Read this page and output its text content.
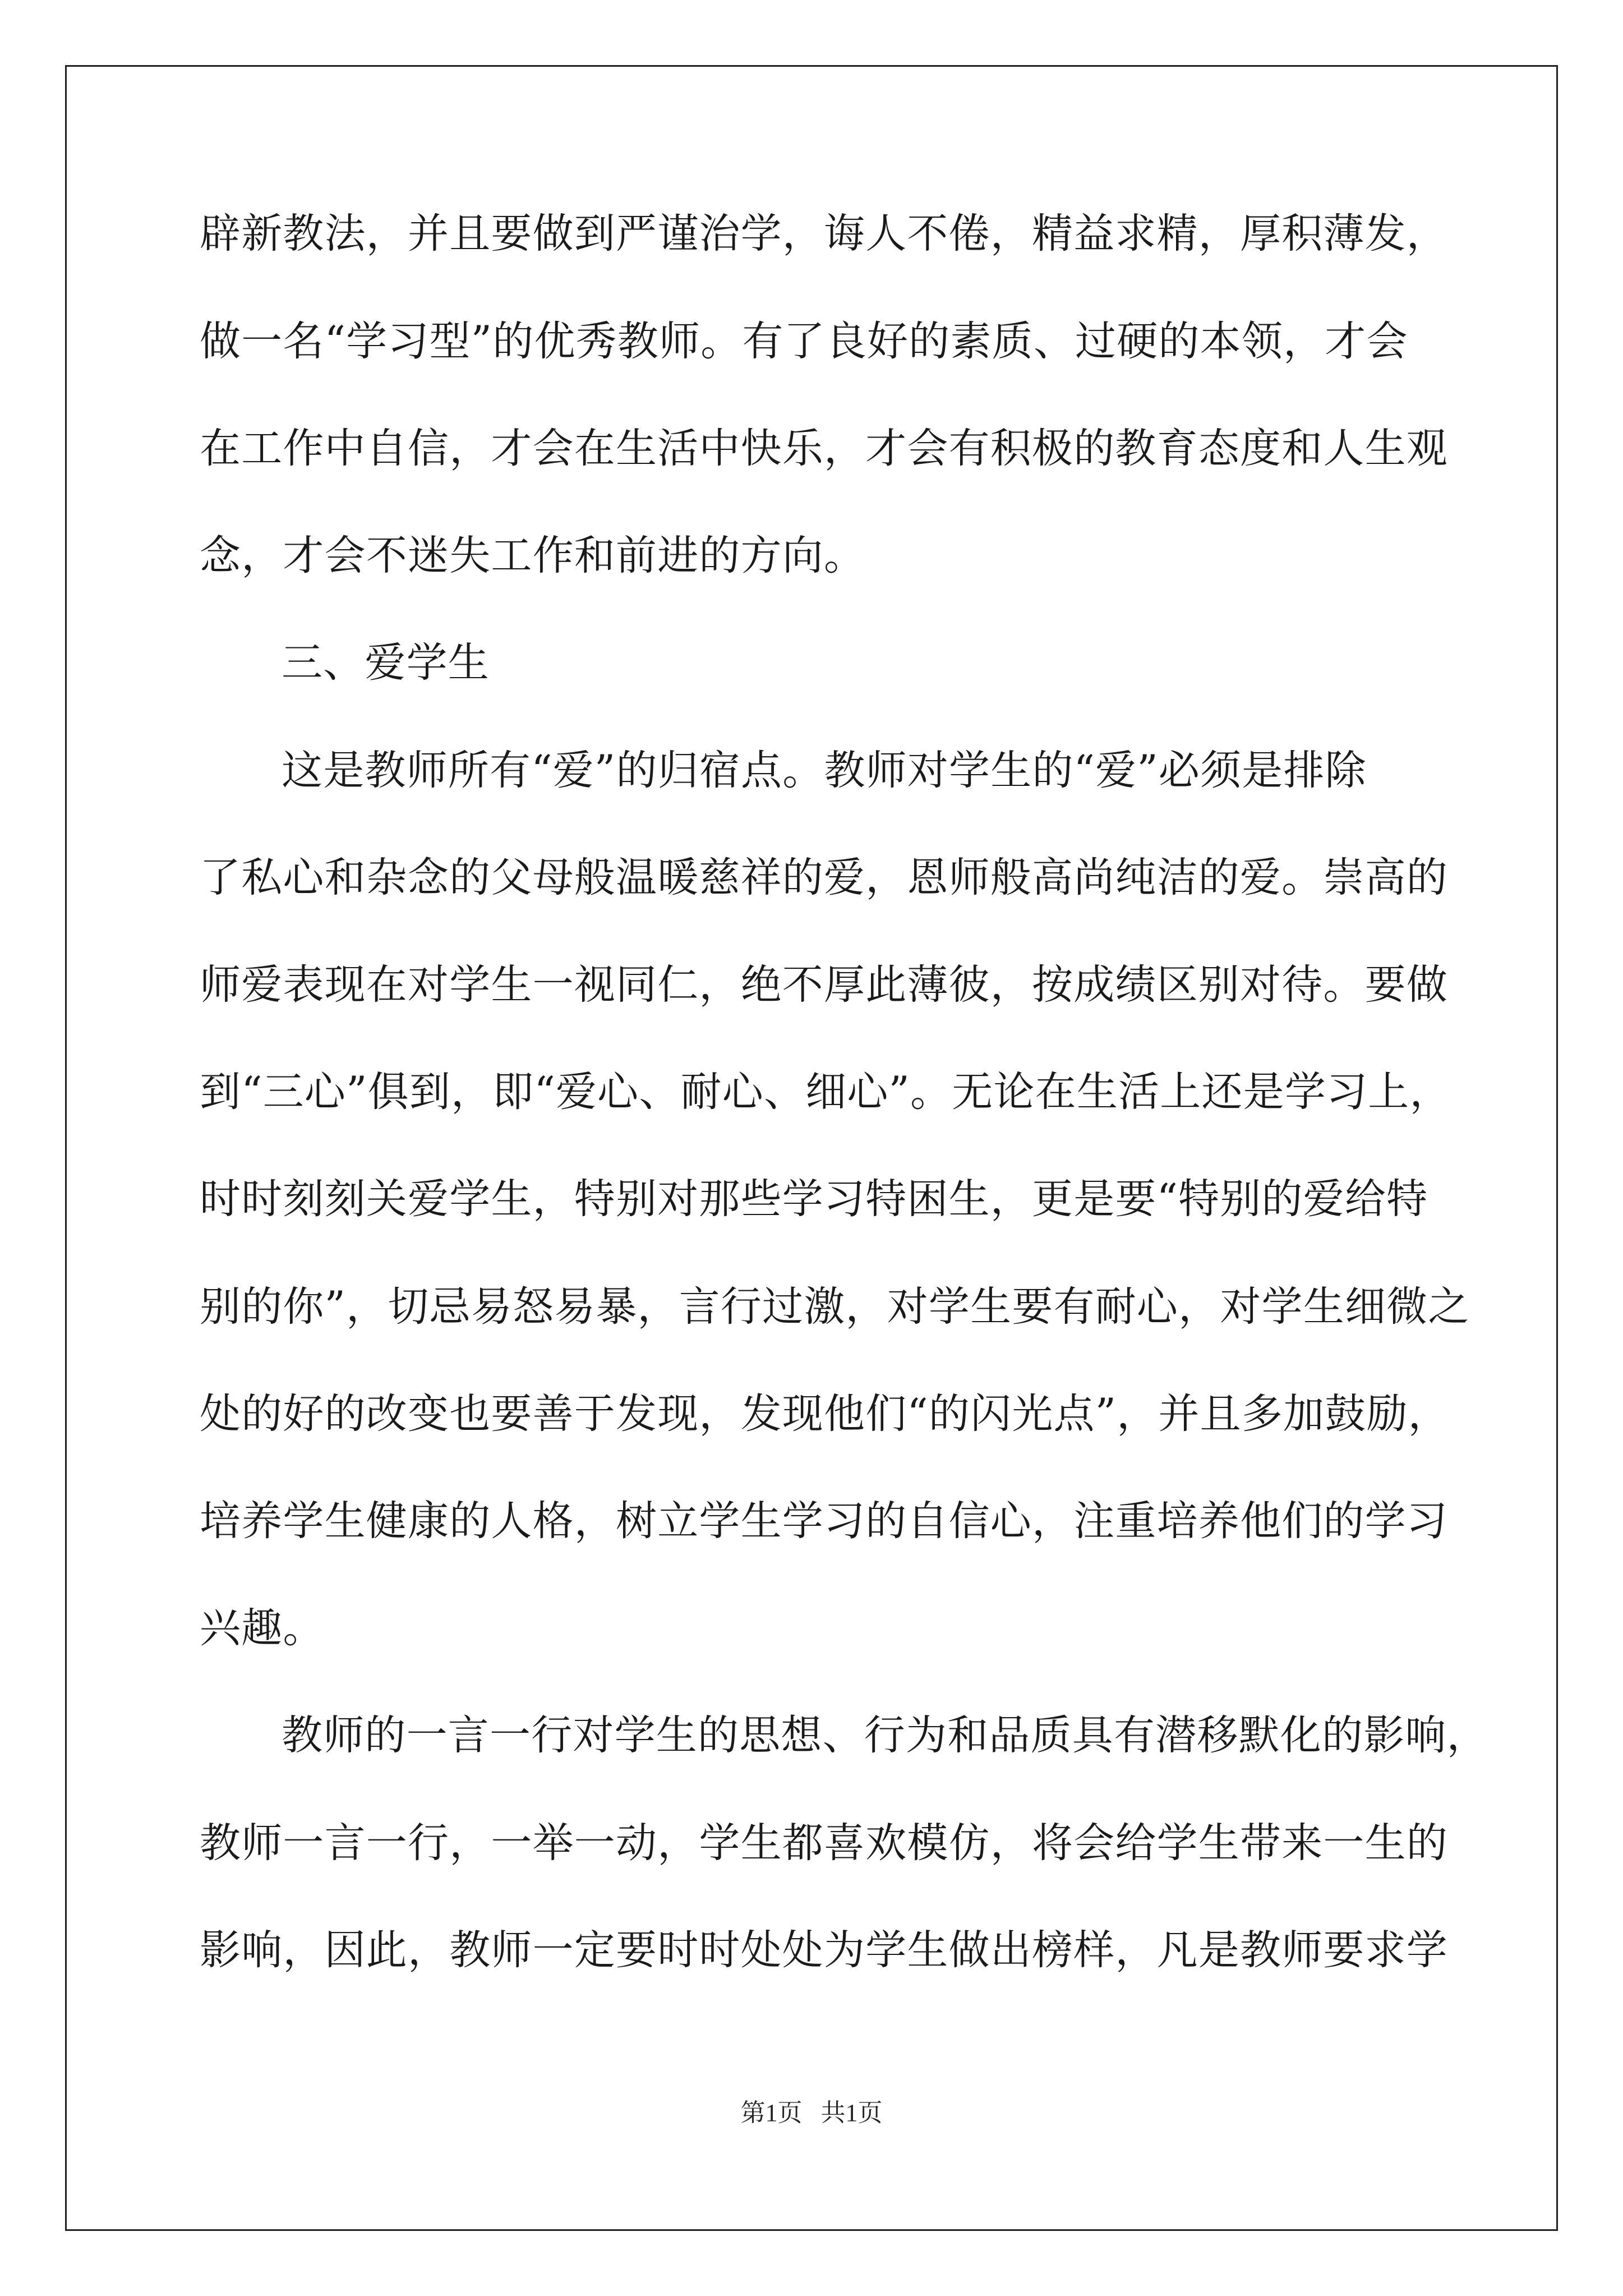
辟新教法，并且要做到严谨治学，诲人不倦，精益求精，厚积薄发，
做一名“学习型”的优秀教师。有了良好的素质、过硬的本领，才会
在工作中自信，才会在生活中快乐，才会有积极的教育态度和人生观
念，才会不迷失工作和前进的方向。
三、爱学生
这是教师所有“爱”的归宿点。教师对学生的“爱”必须是排除
了私心和杂念的父母般温暖慈祥的爱，恩师般高尚纯洁的爱。崇高的
师爱表现在对学生一视同仁，绝不厚此薄彼，按成绩区别对待。要做
到“三心”俱到，即“爱心、耐心、细心”。无论在生活上还是学习上，
时时刻刻关爱学生，特别对那些学习特困生，更是要“特别的爱给特
别的你”，切忌易怒易暴，言行过激，对学生要有耐心，对学生细微之
处的好的改变也要善于发现，发现他们“的闪光点”，并且多加鼓励，
培养学生健康的人格，树立学生学习的自信心，注重培养他们的学习
兴趣。
教师的一言一行对学生的思想、行为和品质具有潜移默化的影响，
教师一言一行，一举一动，学生都喜欢模仿，将会给学生带来一生的
影响，因此，教师一定要时时处处为学生做出榜样，凡是教师要求学
第1页   共1页
